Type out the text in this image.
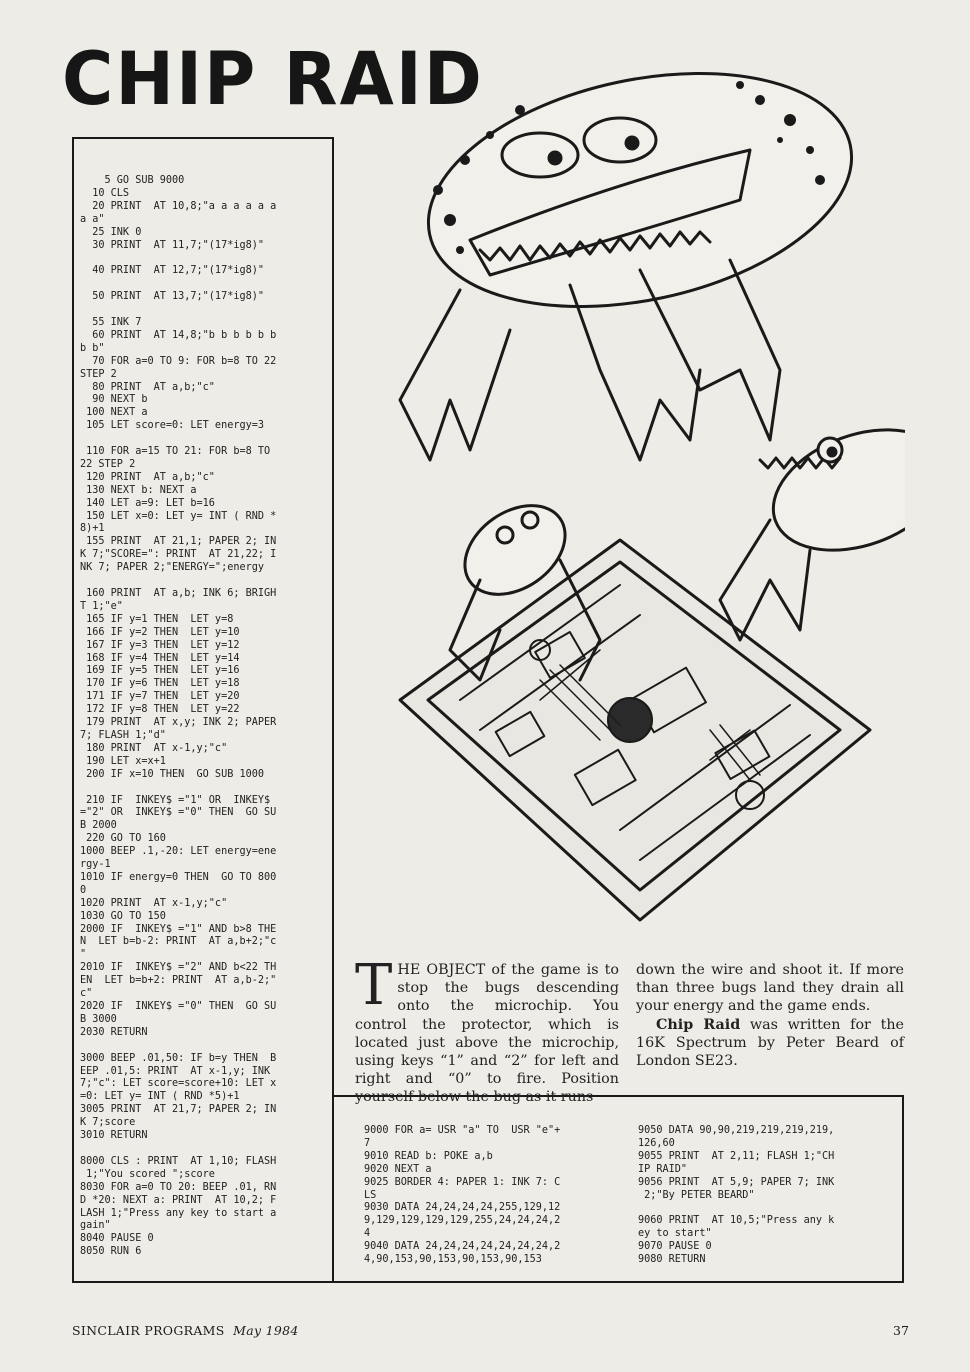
CHIP RAID
5 GO SUB 9000
10 CLS
20 PRINT  AT 10,8;"a a a a a a
a a"
25 INK 0
30 PRINT  AT 11,7;"(17*ig8)"

40 PRINT  AT 12,7;"(17*ig8)"

50 PRINT  AT 13,7;"(17*ig8)"

55 INK 7
60 PRINT  AT 14,8;"b b b b b b
b b"
70 FOR a=0 TO 9: FOR b=8 TO 22
STEP 2
80 PRINT  AT a,b;"c"
90 NEXT b
100 NEXT a
105 LET score=0: LET energy=3

110 FOR a=15 TO 21: FOR b=8 TO
22 STEP 2
120 PRINT  AT a,b;"c"
130 NEXT b: NEXT a
140 LET a=9: LET b=16
150 LET x=0: LET y= INT ( RND *
8)+1
155 PRINT  AT 21,1; PAPER 2; IN
K 7;"SCORE=": PRINT  AT 21,22; I
NK 7; PAPER 2;"ENERGY=";energy

160 PRINT  AT a,b; INK 6; BRIGH
T 1;"e"
165 IF y=1 THEN  LET y=8
166 IF y=2 THEN  LET y=10
167 IF y=3 THEN  LET y=12
168 IF y=4 THEN  LET y=14
169 IF y=5 THEN  LET y=16
170 IF y=6 THEN  LET y=18
171 IF y=7 THEN  LET y=20
172 IF y=8 THEN  LET y=22
179 PRINT  AT x,y; INK 2; PAPER
7; FLASH 1;"d"
180 PRINT  AT x-1,y;"c"
190 LET x=x+1
200 IF x=10 THEN  GO SUB 1000

210 IF  INKEY$ ="1" OR  INKEY$
="2" OR  INKEY$ ="0" THEN  GO SU
B 2000
220 GO TO 160
1000 BEEP .1,-20: LET energy=ene
rgy-1
1010 IF energy=0 THEN  GO TO 800
0
1020 PRINT  AT x-1,y;"c"
1030 GO TO 150
2000 IF  INKEY$ ="1" AND b>8 THE
N  LET b=b-2: PRINT  AT a,b+2;"c
"
2010 IF  INKEY$ ="2" AND b<22 TH
EN  LET b=b+2: PRINT  AT a,b-2;"
c"
2020 IF  INKEY$ ="0" THEN  GO SU
B 3000
2030 RETURN

3000 BEEP .01,50: IF b=y THEN  B
EEP .01,5: PRINT  AT x-1,y; INK
7;"c": LET score=score+10: LET x
=0: LET y= INT ( RND *5)+1
3005 PRINT  AT 21,7; PAPER 2; IN
K 7;score
3010 RETURN

8000 CLS : PRINT  AT 1,10; FLASH
1;"You scored ";score
8030 FOR a=0 TO 20: BEEP .01, RN
D *20: NEXT a: PRINT  AT 10,2; F
LASH 1;"Press any key to start a
gain"
8040 PAUSE 0
8050 RUN 6
9000 FOR a= USR "a" TO  USR "e"+
7
9010 READ b: POKE a,b
9020 NEXT a
9025 BORDER 4: PAPER 1: INK 7: C
LS
9030 DATA 24,24,24,24,255,129,12
9,129,129,129,129,255,24,24,24,2
4
9040 DATA 24,24,24,24,24,24,24,2
4,90,153,90,153,90,153,90,153
9050 DATA 90,90,219,219,219,219,
126,60
9055 PRINT  AT 2,11; FLASH 1;"CH
IP RAID"
9056 PRINT  AT 5,9; PAPER 7; INK
2;"By PETER BEARD"

9060 PRINT  AT 10,5;"Press any k
ey to start"
9070 PAUSE 0
9080 RETURN
THE OBJECT of the game is to stop the bugs descending onto the microchip. You control the protector, which is located just above the microchip, using keys “1” and “2” for left and right and “0” to fire. Position yourself below the bug as it runs
down the wire and shoot it. If more than three bugs land they drain all your energy and the game ends.
Chip Raid was written for the 16K Spectrum by Peter Beard of London SE23.
SINCLAIR PROGRAMS May 1984	37
